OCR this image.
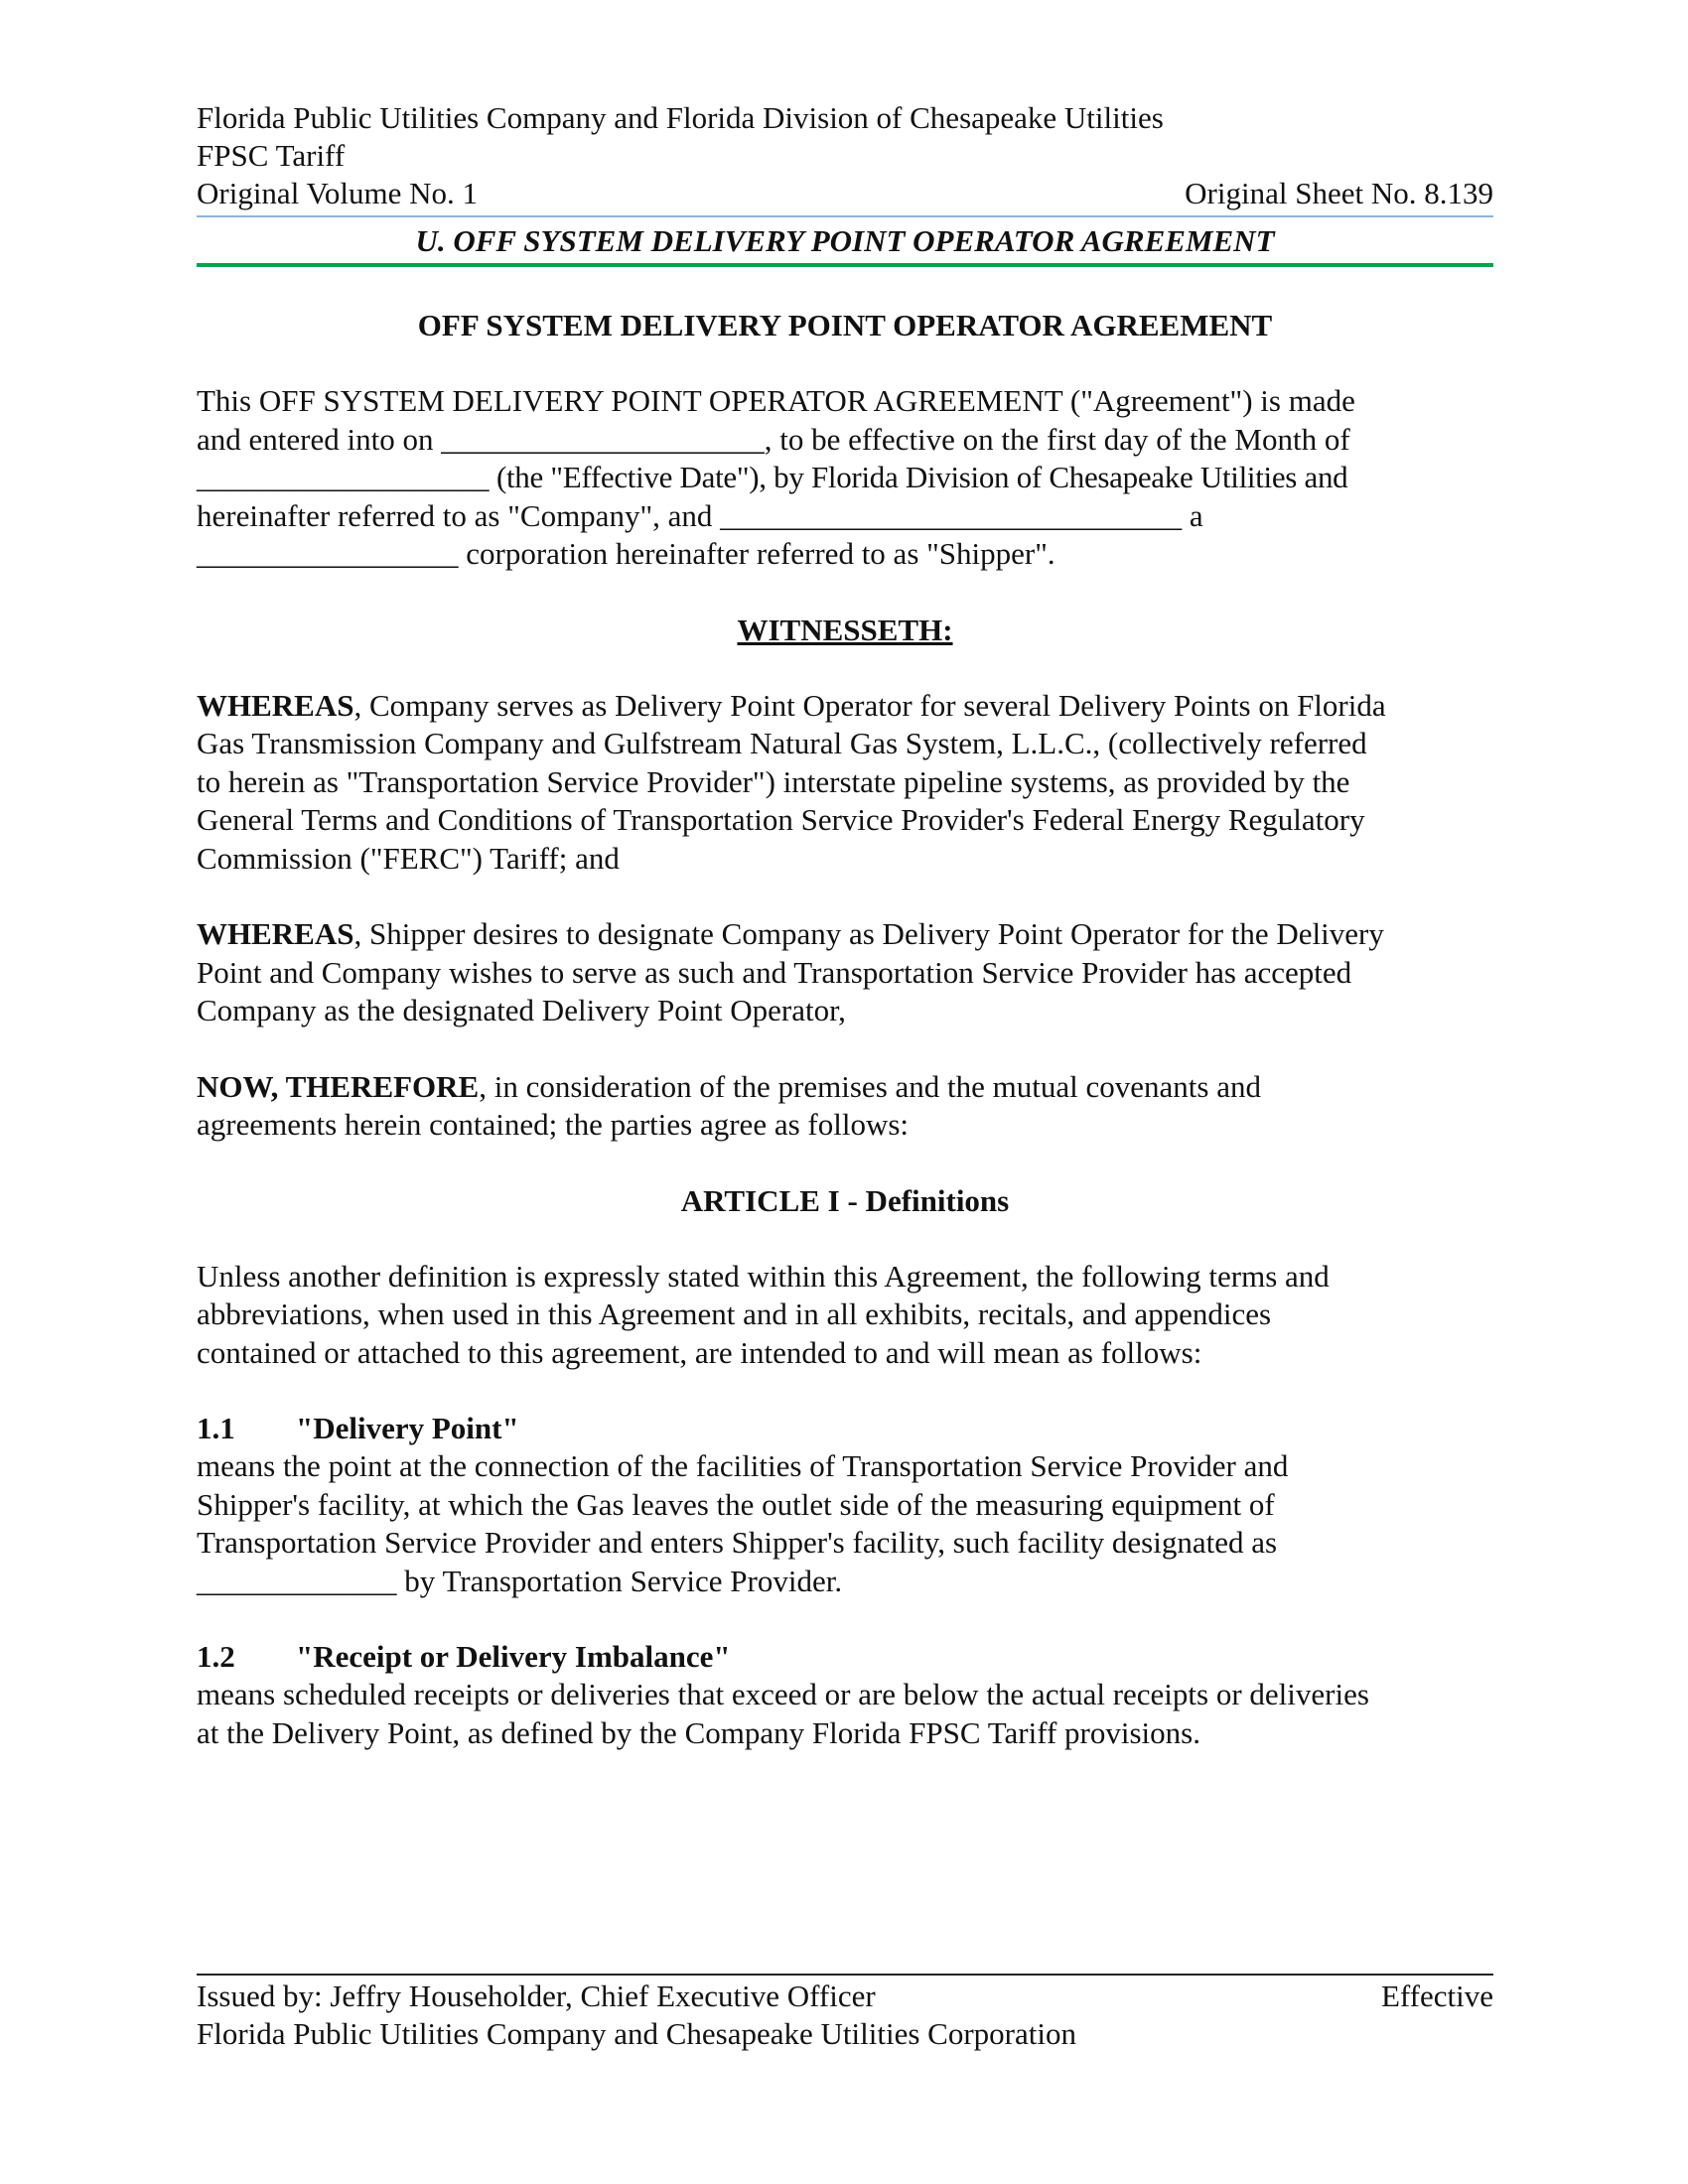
Florida Public Utilities Company and Florida Division of Chesapeake Utilities
FPSC Tariff
Original Volume No. 1	Original Sheet No. 8.139
U. OFF SYSTEM DELIVERY POINT OPERATOR AGREEMENT
OFF SYSTEM DELIVERY POINT OPERATOR AGREEMENT
This OFF SYSTEM DELIVERY POINT OPERATOR AGREEMENT ("Agreement") is made
and entered into on _____________________, to be effective on the first day of the Month of
___________________ (the "Effective Date"), by Florida Division of Chesapeake Utilities and
hereinafter referred to as "Company", and ______________________________ a
_________________ corporation hereinafter referred to as "Shipper".
WITNESSETH:
WHEREAS, Company serves as Delivery Point Operator for several Delivery Points on Florida
Gas Transmission Company and Gulfstream Natural Gas System, L.L.C., (collectively referred
to herein as "Transportation Service Provider") interstate pipeline systems, as provided by the
General Terms and Conditions of Transportation Service Provider's Federal Energy Regulatory
Commission ("FERC") Tariff; and
WHEREAS, Shipper desires to designate Company as Delivery Point Operator for the Delivery
Point and Company wishes to serve as such and Transportation Service Provider has accepted
Company as the designated Delivery Point Operator,
NOW, THEREFORE, in consideration of the premises and the mutual covenants and
agreements herein contained; the parties agree as follows:
ARTICLE I - Definitions
Unless another definition is expressly stated within this Agreement, the following terms and
abbreviations, when used in this Agreement and in all exhibits, recitals, and appendices
contained or attached to this agreement, are intended to and will mean as follows:
1.1 "Delivery Point"
means the point at the connection of the facilities of Transportation Service Provider and
Shipper's facility, at which the Gas leaves the outlet side of the measuring equipment of
Transportation Service Provider and enters Shipper's facility, such facility designated as
_____________ by Transportation Service Provider.
1.2 "Receipt or Delivery Imbalance"
means scheduled receipts or deliveries that exceed or are below the actual receipts or deliveries
at the Delivery Point, as defined by the Company Florida FPSC Tariff provisions.
Issued by: Jeffry Householder, Chief Executive Officer	Effective
Florida Public Utilities Company and Chesapeake Utilities Corporation
